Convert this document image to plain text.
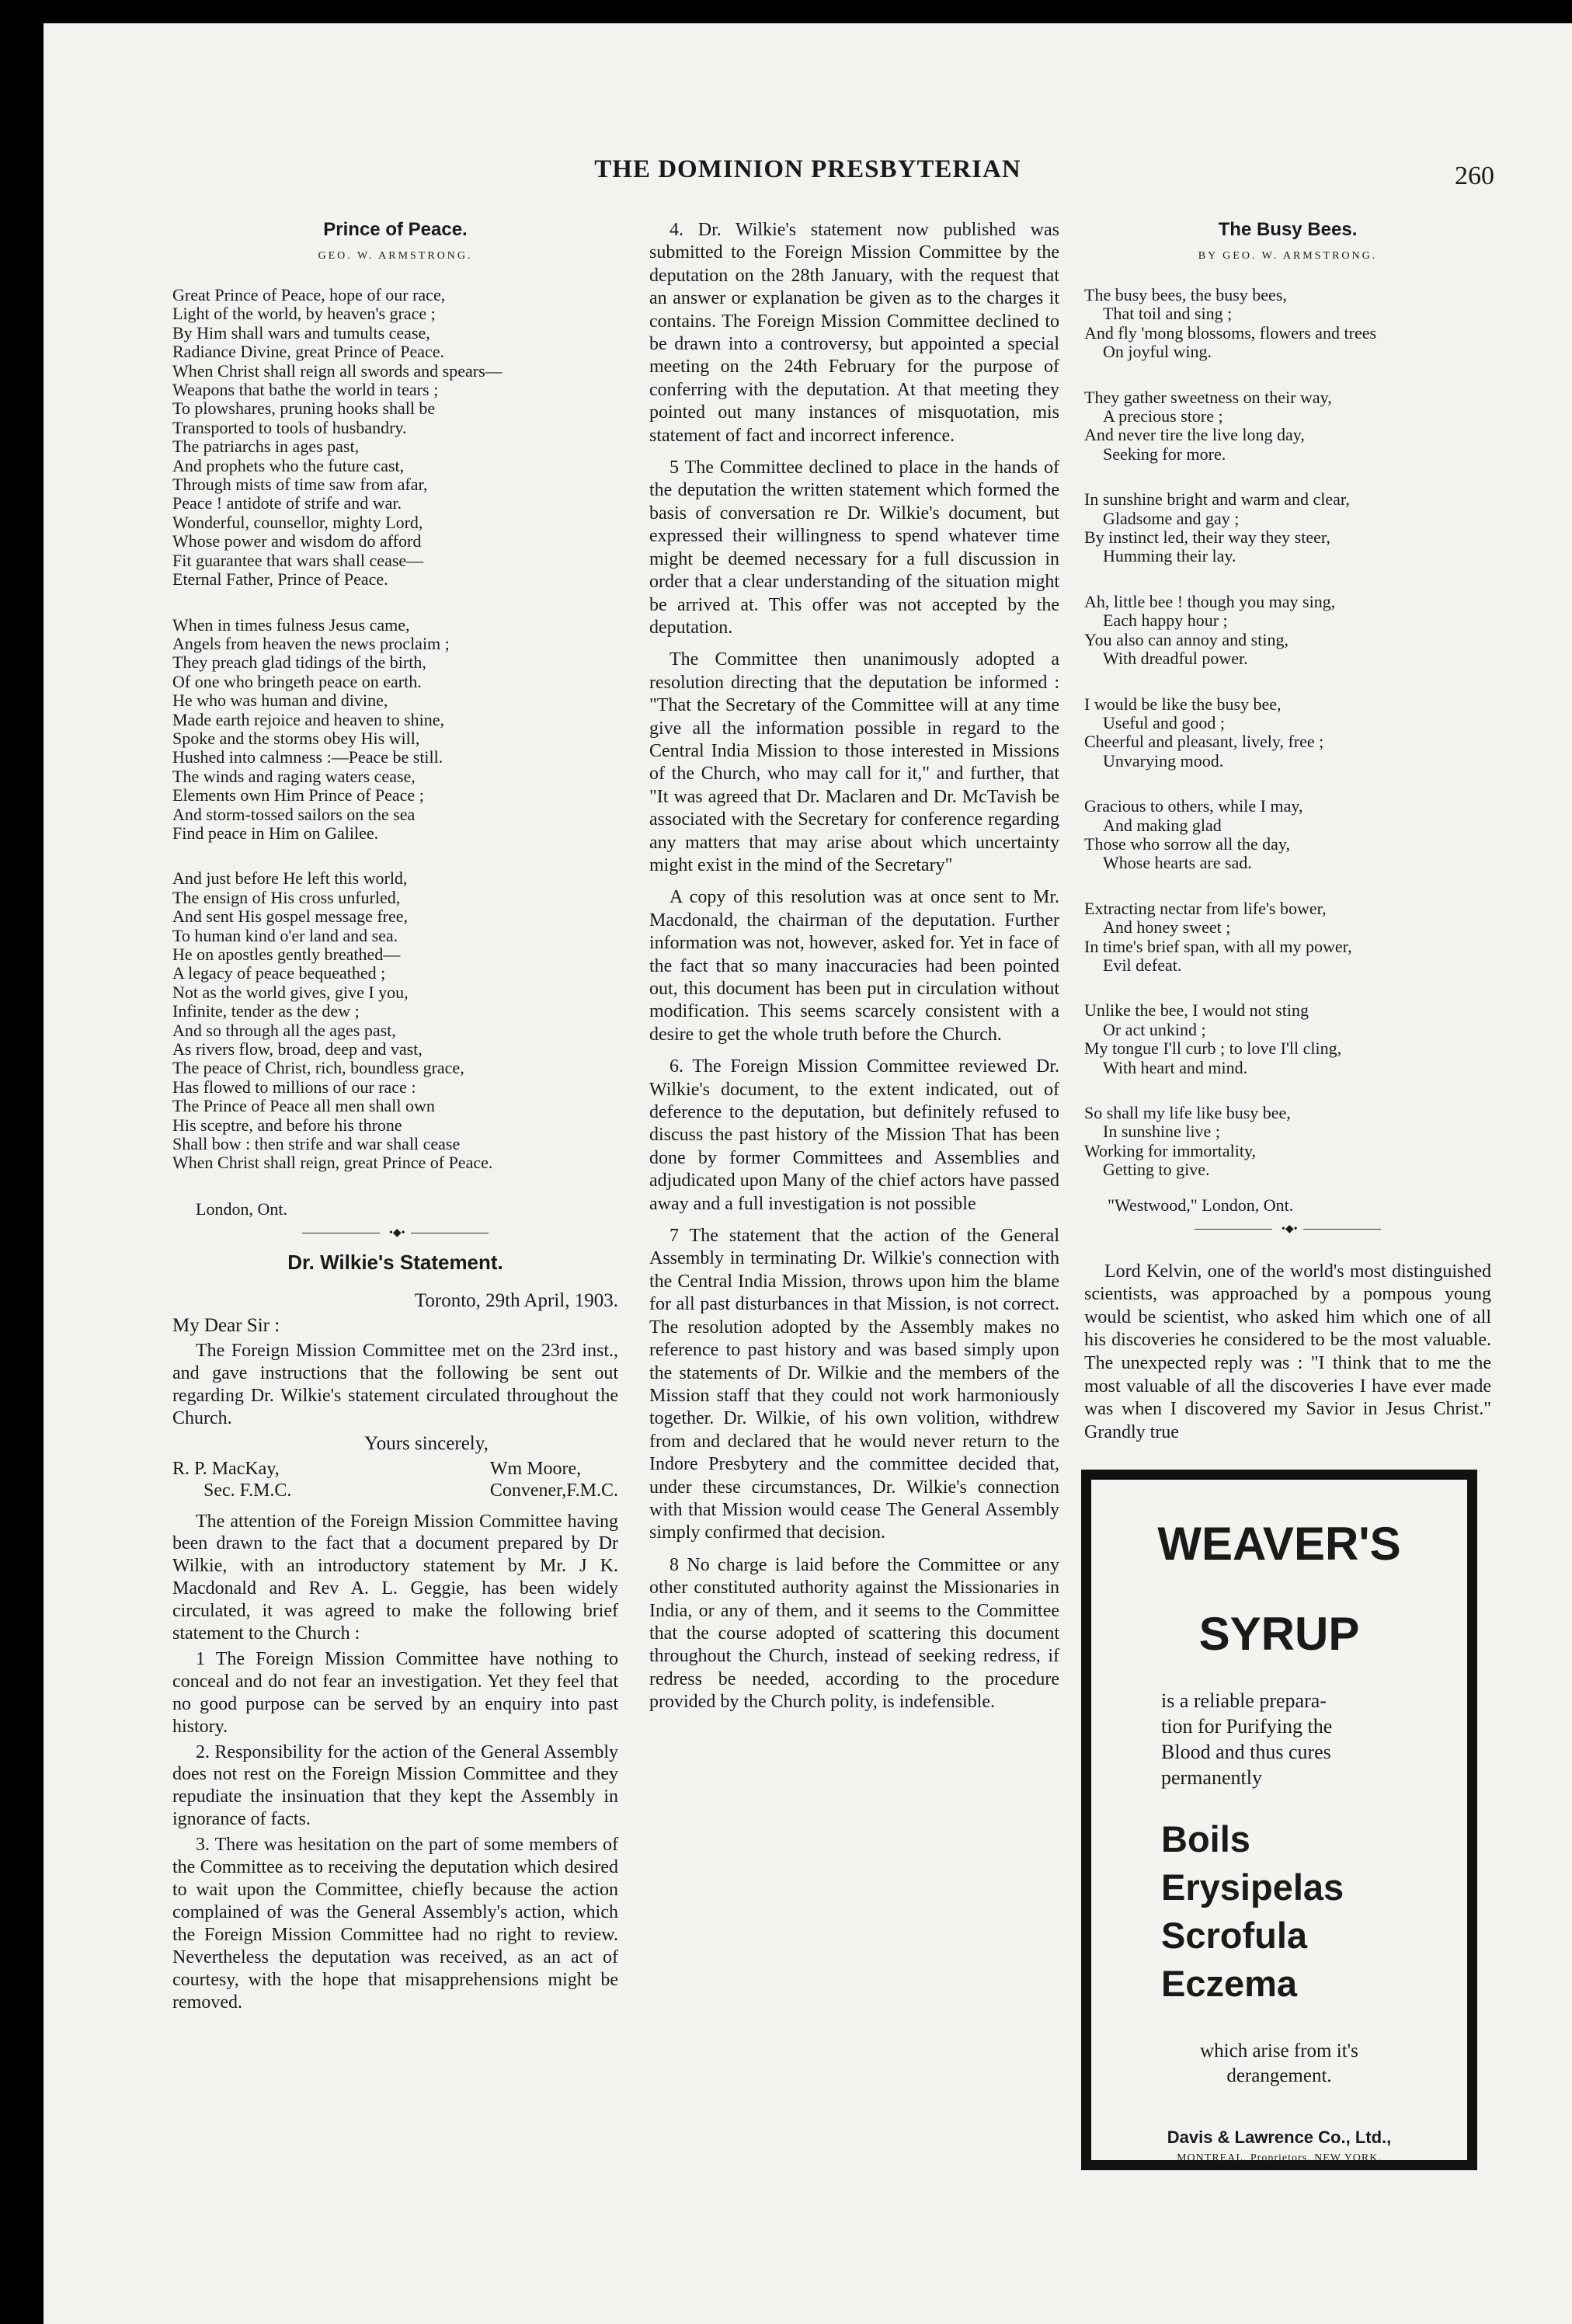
THE DOMINION PRESBYTERIAN	260
Prince of Peace.
GEO. W. ARMSTRONG.
Great Prince of Peace, hope of our race,
Light of the world, by heaven's grace ;
By Him shall wars and tumults cease,
Radiance Divine, great Prince of Peace.
When Christ shall reign all swords and spears—
Weapons that bathe the world in tears ;
To plowshares, pruning hooks shall be
Transported to tools of husbandry.
The patriarchs in ages past,
And prophets who the future cast,
Through mists of time saw from afar,
Peace ! antidote of strife and war.
Wonderful, counsellor, mighty Lord,
Whose power and wisdom do afford
Fit guarantee that wars shall cease—
Eternal Father, Prince of Peace.
When in times fulness Jesus came,
Angels from heaven the news proclaim ;
They preach glad tidings of the birth,
Of one who bringeth peace on earth.
He who was human and divine,
Made earth rejoice and heaven to shine,
Spoke and the storms obey His will,
Hushed into calmness :—Peace be still.
The winds and raging waters cease,
Elements own Him Prince of Peace ;
And storm-tossed sailors on the sea
Find peace in Him on Galilee.
And just before He left this world,
The ensign of His cross unfurled,
And sent His gospel message free,
To human kind o'er land and sea.
He on apostles gently breathed—
A legacy of peace bequeathed ;
Not as the world gives, give I you,
Infinite, tender as the dew ;
And so through all the ages past,
As rivers flow, broad, deep and vast,
The peace of Christ, rich, boundless grace,
Has flowed to millions of our race :
The Prince of Peace all men shall own
His sceptre, and before his throne
Shall bow : then strife and war shall cease
When Christ shall reign, great Prince of Peace.
London, Ont.
•◆•
Dr. Wilkie's Statement.
Toronto, 29th April, 1903.
My Dear Sir :

The Foreign Mission Committee met on the 23rd inst., and gave instructions that the following be sent out regarding Dr. Wilkie's statement circulated throughout the Church.

Yours sincerely,
R. P. MacKay,
Sec. F.M.C.
Wm Moore,
Convener,F.M.C.

The attention of the Foreign Mission Committee having been drawn to the fact that a document prepared by Dr Wilkie, with an introductory statement by Mr. J K. Macdonald and Rev A. L. Geggie, has been widely circulated, it was agreed to make the following brief statement to the Church :

1 The Foreign Mission Committee have nothing to conceal and do not fear an investigation. Yet they feel that no good purpose can be served by an enquiry into past history.

2. Responsibility for the action of the General Assembly does not rest on the Foreign Mission Committee and they repudiate the insinuation that they kept the Assembly in ignorance of facts.

3. There was hesitation on the part of some members of the Committee as to receiving the deputation which desired to wait upon the Committee, chiefly because the action complained of was the General Assembly's action, which the Foreign Mission Committee had no right to review. Nevertheless the deputation was received, as an act of courtesy, with the hope that misapprehensions might be removed.

4. Dr. Wilkie's statement now published was submitted to the Foreign Mission Committee by the deputation on the 28th January, with the request that an answer or explanation be given as to the charges it contains. The Foreign Mission Committee declined to be drawn into a controversy, but appointed a special meeting on the 24th February for the purpose of conferring with the deputation. At that meeting they pointed out many instances of misquotation, mis statement of fact and incorrect inference.

5 The Committee declined to place in the hands of the deputation the written statement which formed the basis of conversation re Dr. Wilkie's document, but expressed their willingness to spend whatever time might be deemed necessary for a full discussion in order that a clear understanding of the situation might be arrived at. This offer was not accepted by the deputation.

The Committee then unanimously adopted a resolution directing that the deputation be informed : "That the Secretary of the Committee will at any time give all the information possible in regard to the Central India Mission to those interested in Missions of the Church, who may call for it," and further, that "It was agreed that Dr. Maclaren and Dr. McTavish be associated with the Secretary for conference regarding any matters that may arise about which uncertainty might exist in the mind of the Secretary"

A copy of this resolution was at once sent to Mr. Macdonald, the chairman of the deputation. Further information was not, however, asked for. Yet in face of the fact that so many inaccuracies had been pointed out, this document has been put in circulation without modification. This seems scarcely consistent with a desire to get the whole truth before the Church.

6. The Foreign Mission Committee reviewed Dr. Wilkie's document, to the extent indicated, out of deference to the deputation, but definitely refused to discuss the past history of the Mission That has been done by former Committees and Assemblies and adjudicated upon Many of the chief actors have passed away and a full investigation is not possible

7 The statement that the action of the General Assembly in terminating Dr. Wilkie's connection with the Central India Mission, throws upon him the blame for all past disturbances in that Mission, is not correct. The resolution adopted by the Assembly makes no reference to past history and was based simply upon the statements of Dr. Wilkie and the members of the Mission staff that they could not work harmoniously together. Dr. Wilkie, of his own volition, withdrew from and declared that he would never return to the Indore Presbytery and the committee decided that, under these circumstances, Dr. Wilkie's connection with that Mission would cease The General Assembly simply confirmed that decision.

8 No charge is laid before the Committee or any other constituted authority against the Missionaries in India, or any of them, and it seems to the Committee that the course adopted of scattering this document throughout the Church, instead of seeking redress, if redress be needed, according to the procedure provided by the Church polity, is indefensible.

The Busy Bees.
BY GEO. W. ARMSTRONG.
The busy bees, the busy bees,
That toil and sing ;
And fly 'mong blossoms, flowers and trees
On joyful wing.
They gather sweetness on their way,
A precious store ;
And never tire the live long day,
Seeking for more.
In sunshine bright and warm and clear,
Gladsome and gay ;
By instinct led, their way they steer,
Humming their lay.
Ah, little bee ! though you may sing,
Each happy hour ;
You also can annoy and sting,
With dreadful power.
I would be like the busy bee,
Useful and good ;
Cheerful and pleasant, lively, free ;
Unvarying mood.
Gracious to others, while I may,
And making glad
Those who sorrow all the day,
Whose hearts are sad.
Extracting nectar from life's bower,
And honey sweet ;
In time's brief span, with all my power,
Evil defeat.
Unlike the bee, I would not sting
Or act unkind ;
My tongue I'll curb ; to love I'll cling,
With heart and mind.
So shall my life like busy bee,
In sunshine live ;
Working for immortality,
Getting to give.
"Westwood," London, Ont.
•◆•

Lord Kelvin, one of the world's most distinguished scientists, was approached by a pompous young would be scientist, who asked him which one of all his discoveries he considered to be the most valuable. The unexpected reply was : "I think that to me the most valuable of all the discoveries I have ever made was when I discovered my Savior in Jesus Christ." Grandly true

WEAVER'S
SYRUP
is a reliable prepara-
tion for Purifying the
Blood and thus cures
permanently
Boils
Erysipelas
Scrofula
Eczema
which arise from it's
derangement.
Davis & Lawrence Co., Ltd.,
MONTREAL, Proprietors, NEW YORK.
